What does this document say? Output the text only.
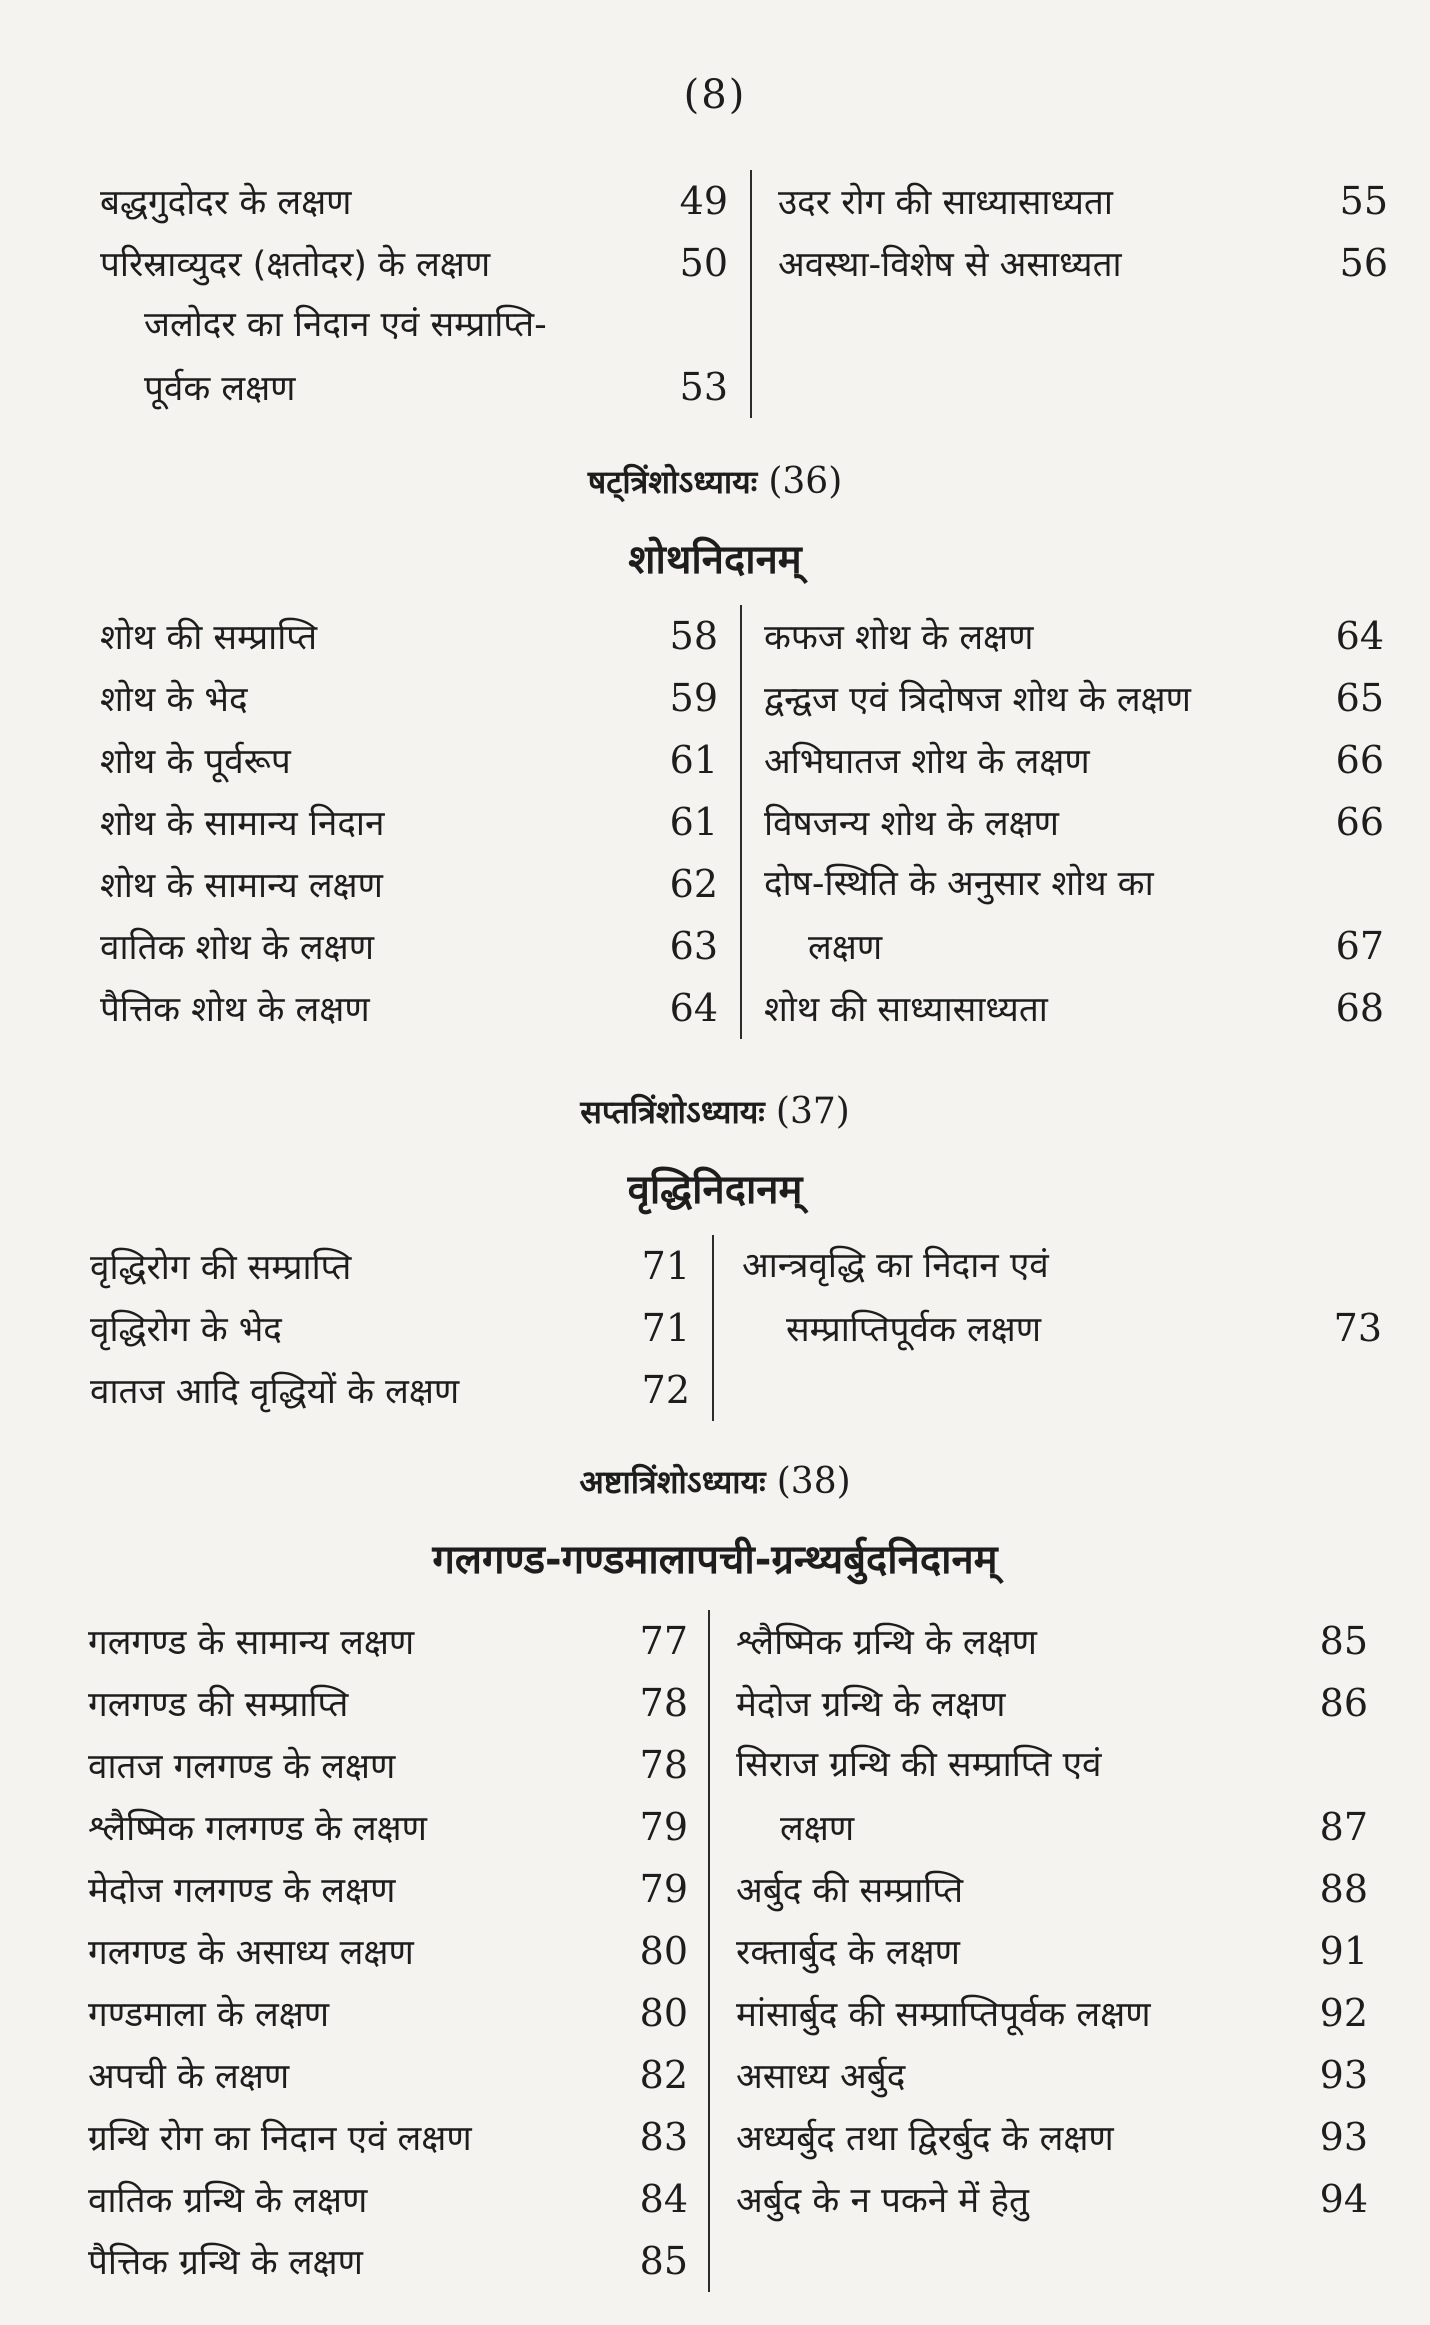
(8)
बद्धगुदोदर के लक्षण	49
परिस्राव्युदर (क्षतोदर) के लक्षण	50
जलोदर का निदान एवं सम्प्राप्ति-
पूर्वक लक्षण	53
उदर रोग की साध्यासाध्यता	55
अवस्था-विशेष से असाध्यता	56
षट्त्रिंशोऽध्यायः (36)
शोथनिदानम्
शोथ की सम्प्राप्ति	58
शोथ के भेद	59
शोथ के पूर्वरूप	61
शोथ के सामान्य निदान	61
शोथ के सामान्य लक्षण	62
वातिक शोथ के लक्षण	63
पैत्तिक शोथ के लक्षण	64
कफज शोथ के लक्षण	64
द्वन्द्वज एवं त्रिदोषज शोथ के लक्षण	65
अभिघातज शोथ के लक्षण	66
विषजन्य शोथ के लक्षण	66
दोष-स्थिति के अनुसार शोथ का
लक्षण	67
शोथ की साध्यासाध्यता	68
सप्तत्रिंशोऽध्यायः (37)
वृद्धिनिदानम्
वृद्धिरोग की सम्प्राप्ति	71
वृद्धिरोग के भेद	71
वातज आदि वृद्धियों के लक्षण	72
आन्त्रवृद्धि का निदान एवं
सम्प्राप्तिपूर्वक लक्षण	73
अष्टात्रिंशोऽध्यायः (38)
गलगण्ड-गण्डमालापची-ग्रन्थ्यर्बुदनिदानम्
गलगण्ड के सामान्य लक्षण	77
गलगण्ड की सम्प्राप्ति	78
वातज गलगण्ड के लक्षण	78
श्लैष्मिक गलगण्ड के लक्षण	79
मेदोज गलगण्ड के लक्षण	79
गलगण्ड के असाध्य लक्षण	80
गण्डमाला के लक्षण	80
अपची के लक्षण	82
ग्रन्थि रोग का निदान एवं लक्षण	83
वातिक ग्रन्थि के लक्षण	84
पैत्तिक ग्रन्थि के लक्षण	85
श्लैष्मिक ग्रन्थि के लक्षण	85
मेदोज ग्रन्थि के लक्षण	86
सिराज ग्रन्थि की सम्प्राप्ति एवं
लक्षण	87
अर्बुद की सम्प्राप्ति	88
रक्तार्बुद के लक्षण	91
मांसार्बुद की सम्प्राप्तिपूर्वक लक्षण	92
असाध्य अर्बुद	93
अध्यर्बुद तथा द्विरर्बुद के लक्षण	93
अर्बुद के न पकने में हेतु	94
